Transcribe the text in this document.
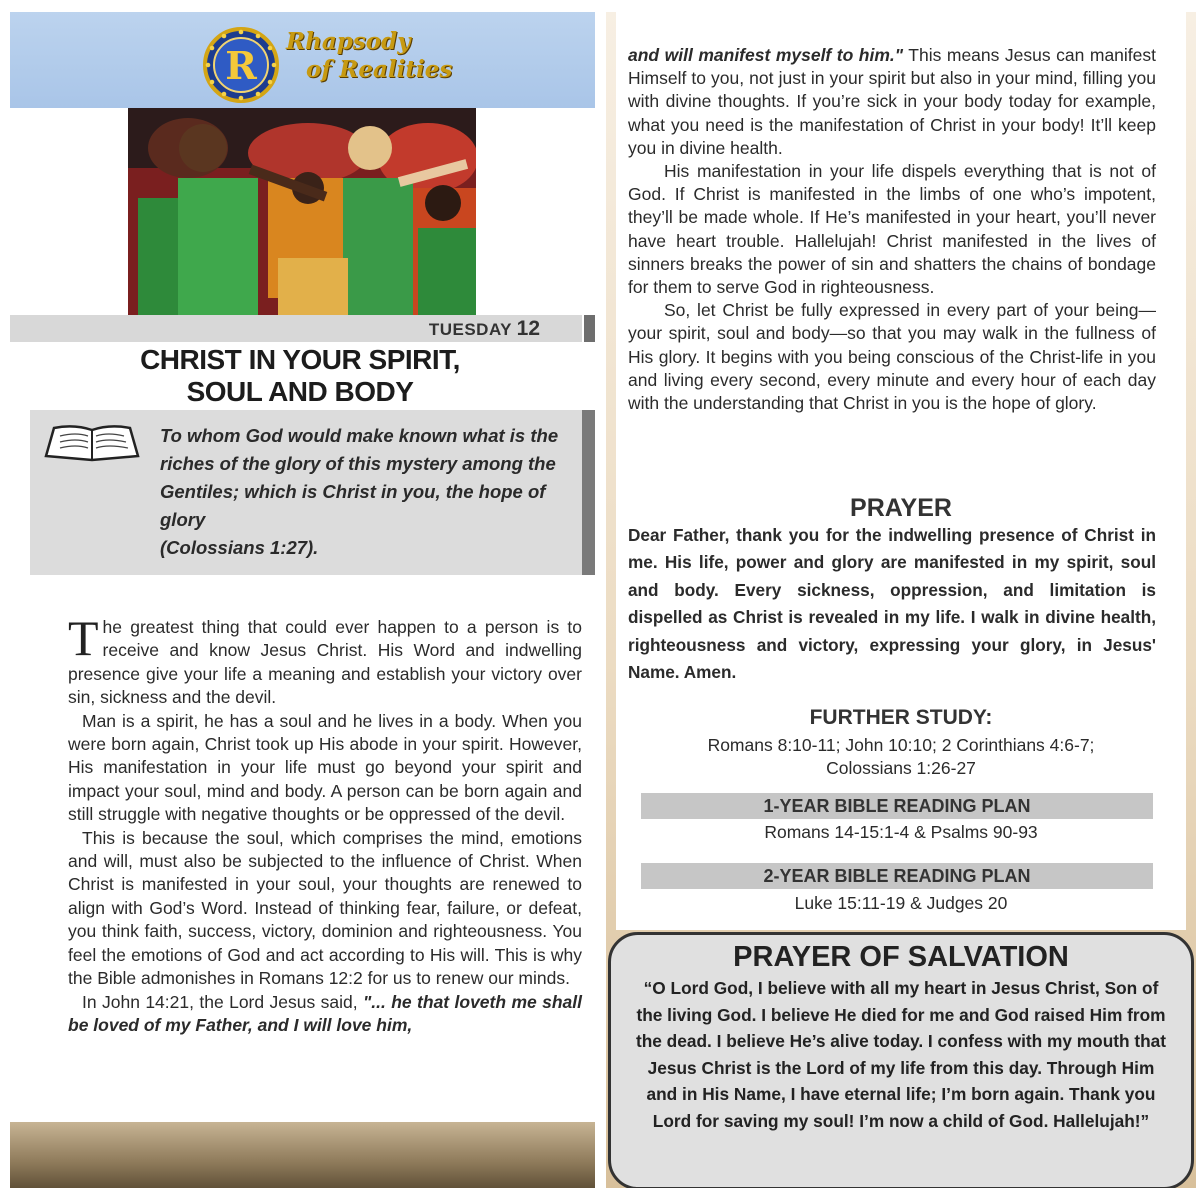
R
Rhapsody
of Realities
TUESDAY 12
CHRIST IN YOUR SPIRIT,
SOUL AND BODY
To whom God would make known what is the riches of the glory of this mystery among the Gentiles; which is Christ in you, the hope of glory
(Colossians 1:27).

The greatest thing that could ever happen to a person is to receive and know Jesus Christ. His Word and indwelling presence give your life a meaning and establish your victory over sin, sickness and the devil.

Man is a spirit, he has a soul and he lives in a body. When you were born again, Christ took up His abode in your spirit. However, His manifestation in your life must go beyond your spirit and impact your soul, mind and body. A person can be born again and still struggle with negative thoughts or be oppressed of the devil.

This is because the soul, which comprises the mind, emotions and will, must also be subjected to the influence of Christ. When Christ is manifested in your soul, your thoughts are renewed to align with God’s Word. Instead of thinking fear, failure, or defeat, you think faith, success, victory, dominion and righteousness. You feel the emotions of God and act according to His will. This is why the Bible admonishes in Romans 12:2 for us to renew our minds.

In John 14:21, the Lord Jesus said, "... he that loveth me shall be loved of my Father, and I will love him,

and will manifest myself to him." This means Jesus can manifest Himself to you, not just in your spirit but also in your mind, filling you with divine thoughts. If you’re sick in your body today for example, what you need is the manifestation of Christ in your body! It’ll keep you in divine health.

His manifestation in your life dispels everything that is not of God. If Christ is manifested in the limbs of one who’s impotent, they’ll be made whole. If He’s manifested in your heart, you’ll never have heart trouble. Hallelujah! Christ manifested in the lives of sinners breaks the power of sin and shatters the chains of bondage for them to serve God in righteousness.

So, let Christ be fully expressed in every part of your being—your spirit, soul and body—so that you may walk in the fullness of His glory. It begins with you being conscious of the Christ-life in you and living every second, every minute and every hour of each day with the understanding that Christ in you is the hope of glory.

PRAYER
Dear Father, thank you for the indwelling presence of Christ in me. His life, power and glory are manifested in my spirit, soul and body. Every sickness, oppression, and limitation is dispelled as Christ is revealed in my life. I walk in divine health, righteousness and victory, expressing your glory, in Jesus' Name. Amen.
FURTHER STUDY:
Romans 8:10-11; John 10:10; 2 Corinthians 4:6-7;
Colossians 1:26-27
1-YEAR BIBLE READING PLAN
Romans 14-15:1-4 & Psalms 90-93
2-YEAR BIBLE READING PLAN
Luke 15:11-19 & Judges 20
PRAYER OF SALVATION
“O Lord God, I believe with all my heart in Jesus Christ, Son of the living God. I believe He died for me and God raised Him from the dead. I believe He’s alive today. I confess with my mouth that Jesus Christ is the Lord of my life from this day. Through Him and in His Name, I have eternal life; I’m born again. Thank you Lord for saving my soul! I’m now a child of God. Hallelujah!”
